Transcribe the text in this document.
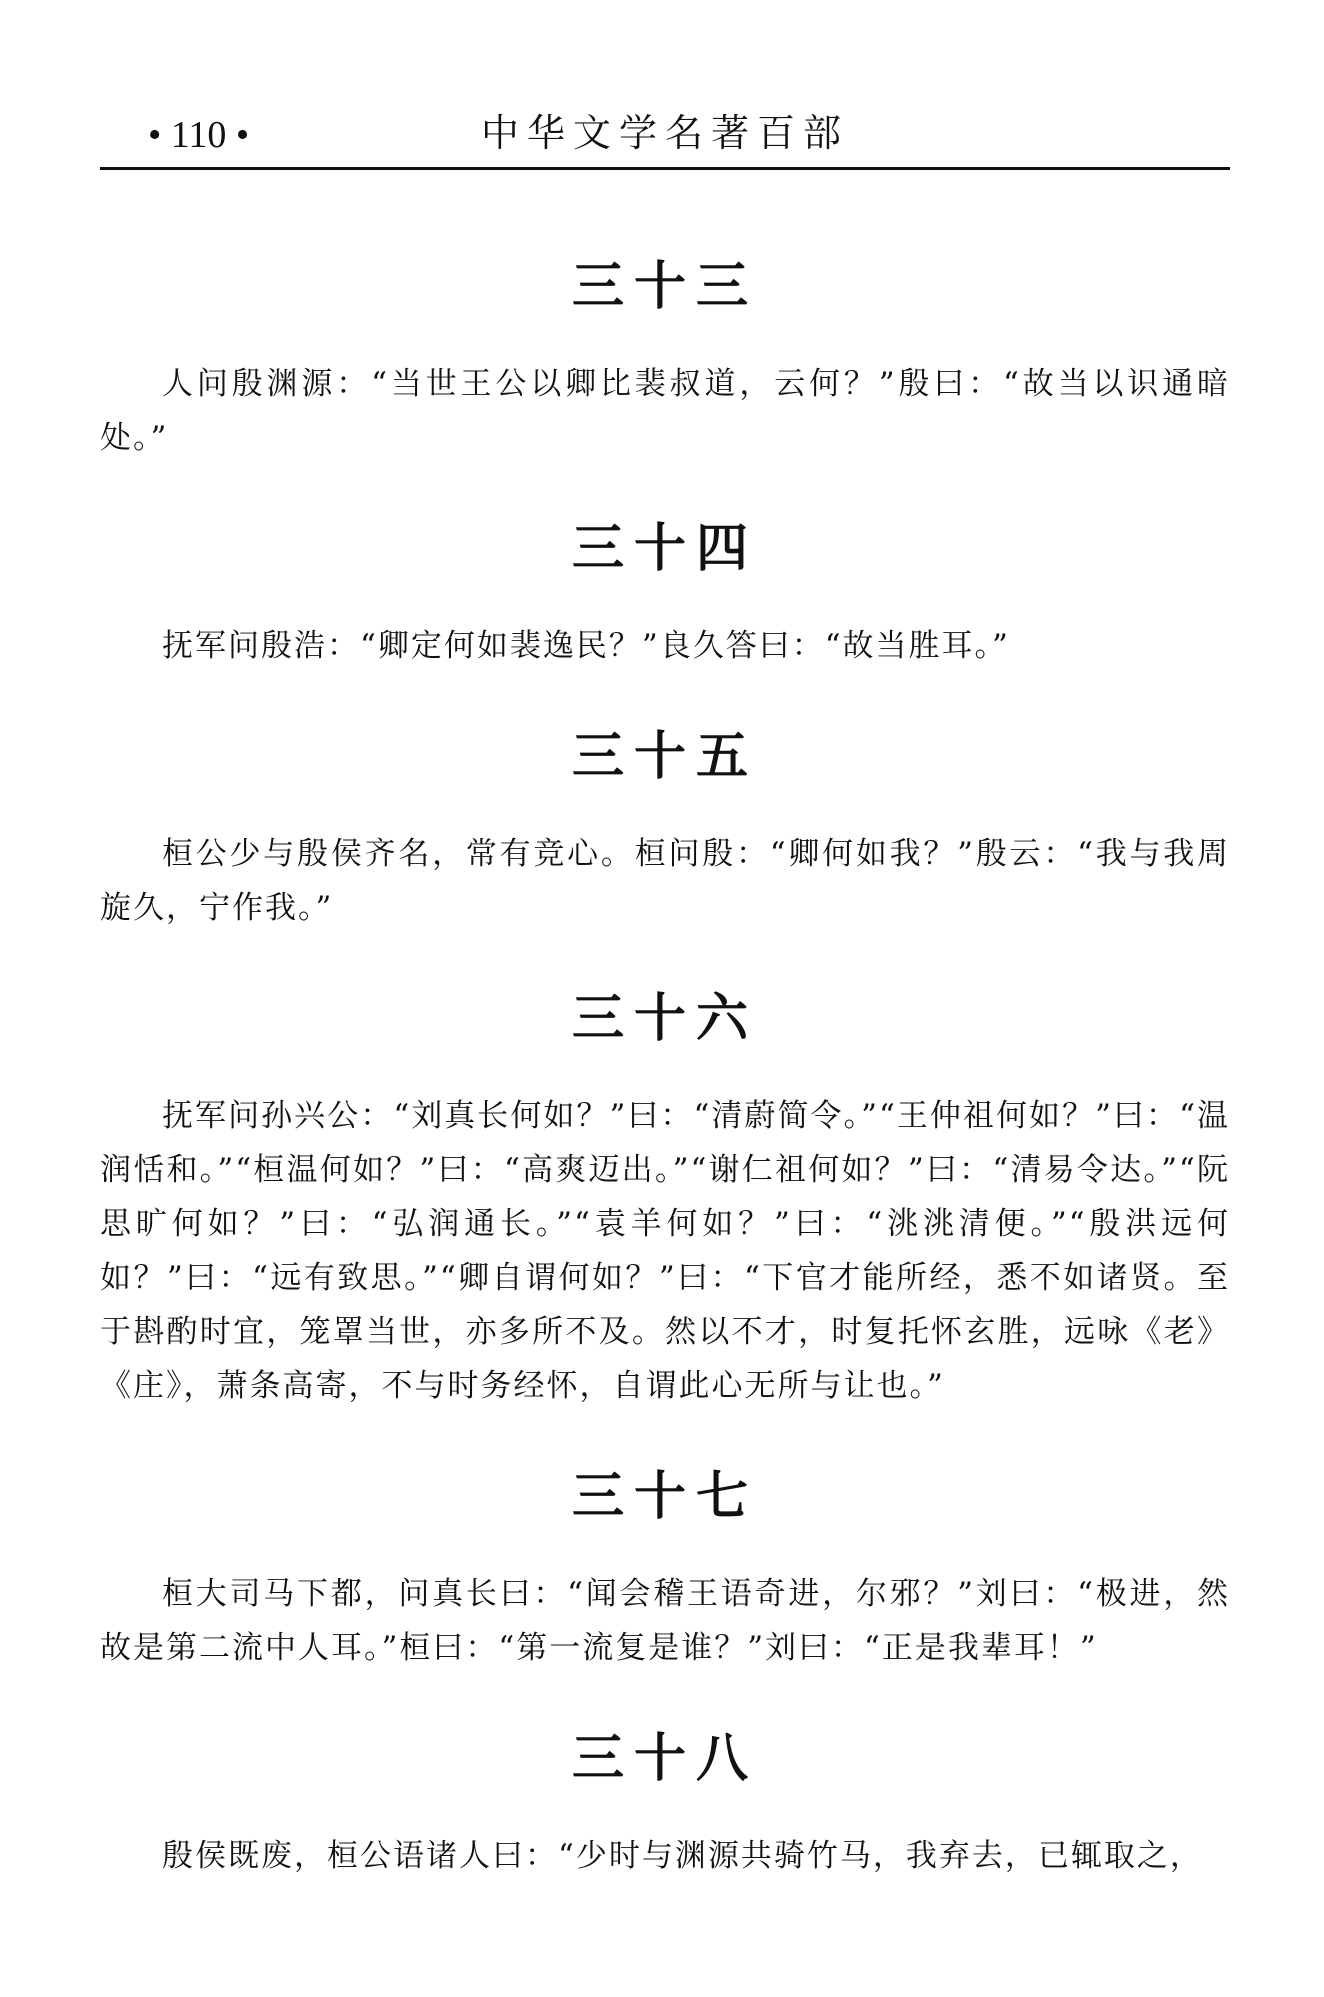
• 110 •	中华文学名著百部
三十三

人问殷渊源：“当世王公以卿比裴叔道，云何？”殷曰：“故当以识通暗处。”

三十四

抚军问殷浩：“卿定何如裴逸民？”良久答曰：“故当胜耳。”

三十五

桓公少与殷侯齐名，常有竞心。桓问殷：“卿何如我？”殷云：“我与我周旋久，宁作我。”

三十六

抚军问孙兴公：“刘真长何如？”曰：“清蔚简令。”“王仲祖何如？”曰：“温润恬和。”“桓温何如？”曰：“高爽迈出。”“谢仁祖何如？”曰：“清易令达。”“阮思旷何如？”曰：“弘润通长。”“袁羊何如？”曰：“洮洮清便。”“殷洪远何如？”曰：“远有致思。”“卿自谓何如？”曰：“下官才能所经，悉不如诸贤。至于斟酌时宜，笼罩当世，亦多所不及。然以不才，时复托怀玄胜，远咏《老》《庄》，萧条高寄，不与时务经怀，自谓此心无所与让也。”

三十七

桓大司马下都，问真长曰：“闻会稽王语奇进，尔邪？”刘曰：“极进，然故是第二流中人耳。”桓曰：“第一流复是谁？”刘曰：“正是我辈耳！”

三十八

殷侯既废，桓公语诸人曰：“少时与渊源共骑竹马，我弃去，已辄取之，
